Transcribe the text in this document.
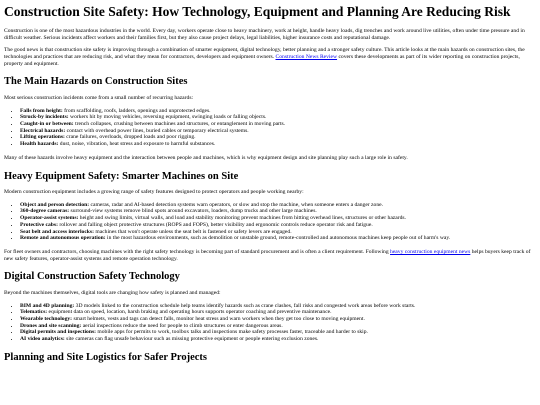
Construction Site Safety: How Technology, Equipment and Planning Are Reducing Risk

Construction is one of the most hazardous industries in the world. Every day, workers operate close to heavy machinery, work at height, handle heavy loads, dig trenches and work around live utilities, often under time pressure and in difficult weather. Serious incidents affect workers and their families first, but they also cause project delays, legal liabilities, higher insurance costs and reputational damage.

The good news is that construction site safety is improving through a combination of smarter equipment, digital technology, better planning and a stronger safety culture. This article looks at the main hazards on construction sites, the technologies and practices that are reducing risk, and what they mean for contractors, developers and equipment owners. Construction News Review covers these developments as part of its wider reporting on construction projects, property and equipment.

The Main Hazards on Construction Sites

Most serious construction incidents come from a small number of recurring hazards:

• Falls from height: from scaffolding, roofs, ladders, openings and unprotected edges.
• Struck-by incidents: workers hit by moving vehicles, reversing equipment, swinging loads or falling objects.
• Caught-in or between: trench collapses, crushing between machines and structures, or entanglement in moving parts.
• Electrical hazards: contact with overhead power lines, buried cables or temporary electrical systems.
• Lifting operations: crane failures, overloads, dropped loads and poor rigging.
• Health hazards: dust, noise, vibration, heat stress and exposure to harmful substances.

Many of these hazards involve heavy equipment and the interaction between people and machines, which is why equipment design and site planning play such a large role in safety.

Heavy Equipment Safety: Smarter Machines on Site

Modern construction equipment includes a growing range of safety features designed to protect operators and people working nearby:

• Object and person detection: cameras, radar and AI-based detection systems warn operators, or slow and stop the machine, when someone enters a danger zone.
• 360-degree cameras: surround-view systems remove blind spots around excavators, loaders, dump trucks and other large machines.
• Operator-assist systems: height and swing limits, virtual walls, and load and stability monitoring prevent machines from hitting overhead lines, structures or other hazards.
• Protective cabs: rollover and falling object protective structures (ROPS and FOPS), better visibility and ergonomic controls reduce operator risk and fatigue.
• Seat belt and access interlocks: machines that won't operate unless the seat belt is fastened or safety levers are engaged.
• Remote and autonomous operation: in the most hazardous environments, such as demolition or unstable ground, remote-controlled and autonomous machines keep people out of harm's way.

For fleet owners and contractors, choosing machines with the right safety technology is becoming part of standard procurement and is often a client requirement. Following heavy construction equipment news helps buyers keep track of new safety features, operator-assist systems and remote operation technology.

Digital Construction Safety Technology

Beyond the machines themselves, digital tools are changing how safety is planned and managed:

• BIM and 4D planning: 3D models linked to the construction schedule help teams identify hazards such as crane clashes, fall risks and congested work areas before work starts.
• Telematics: equipment data on speed, location, harsh braking and operating hours supports operator coaching and preventive maintenance.
• Wearable technology: smart helmets, vests and tags can detect falls, monitor heat stress and warn workers when they get too close to moving equipment.
• Drones and site scanning: aerial inspections reduce the need for people to climb structures or enter dangerous areas.
• Digital permits and inspections: mobile apps for permits to work, toolbox talks and inspections make safety processes faster, traceable and harder to skip.
• AI video analytics: site cameras can flag unsafe behaviour such as missing protective equipment or people entering exclusion zones.
Planning and Site Logistics for Safer Projects
